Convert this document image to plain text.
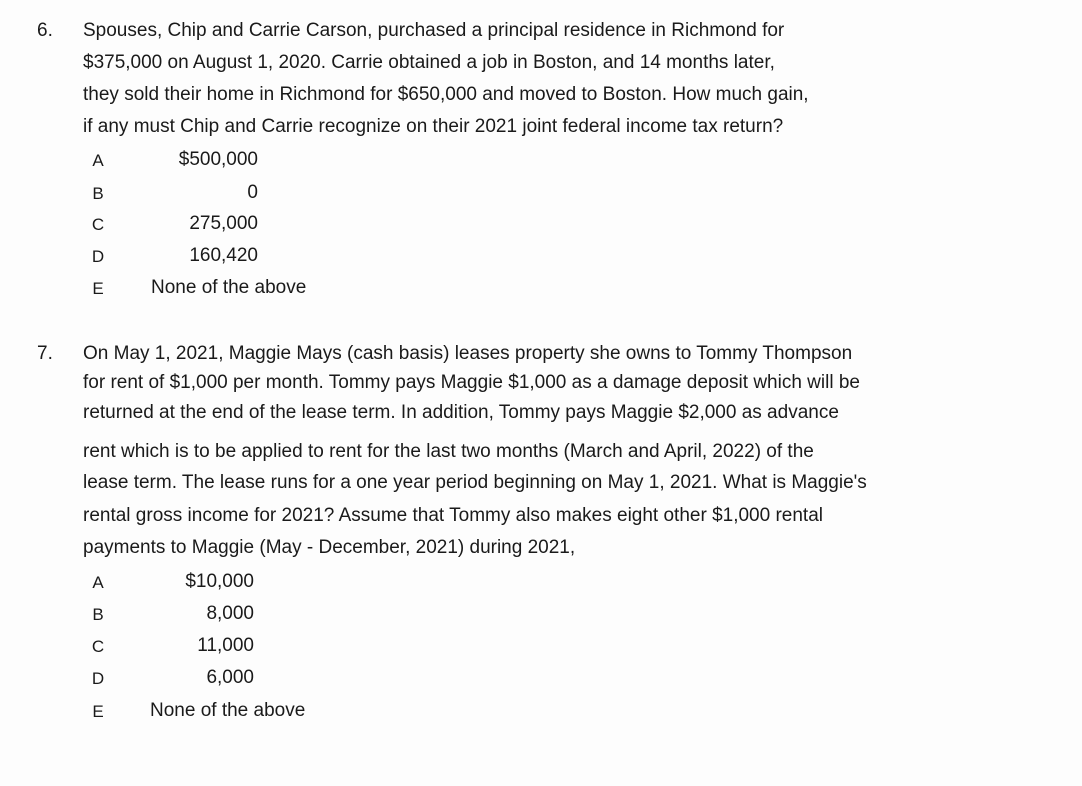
6. Spouses, Chip and Carrie Carson, purchased a principal residence in Richmond for

$375,000 on August 1, 2020. Carrie obtained a job in Boston, and 14 months later,

they sold their home in Richmond for $650,000 and moved to Boston. How much gain,

if any must Chip and Carrie recognize on their 2021 joint federal income tax return?

A	$500,000
B	0
C	275,000
D	160,420
E None of the above

7. On May 1, 2021, Maggie Mays (cash basis) leases property she owns to Tommy Thompson

for rent of $1,000 per month. Tommy pays Maggie $1,000 as a damage deposit which will be

returned at the end of the lease term. In addition, Tommy pays Maggie $2,000 as advance

rent which is to be applied to rent for the last two months (March and April, 2022) of the

lease term. The lease runs for a one year period beginning on May 1, 2021. What is Maggie's

rental gross income for 2021? Assume that Tommy also makes eight other $1,000 rental

payments to Maggie (May - December, 2021) during 2021,

A	$10,000
B	8,000
C	11,000
D	6,000
E None of the above
